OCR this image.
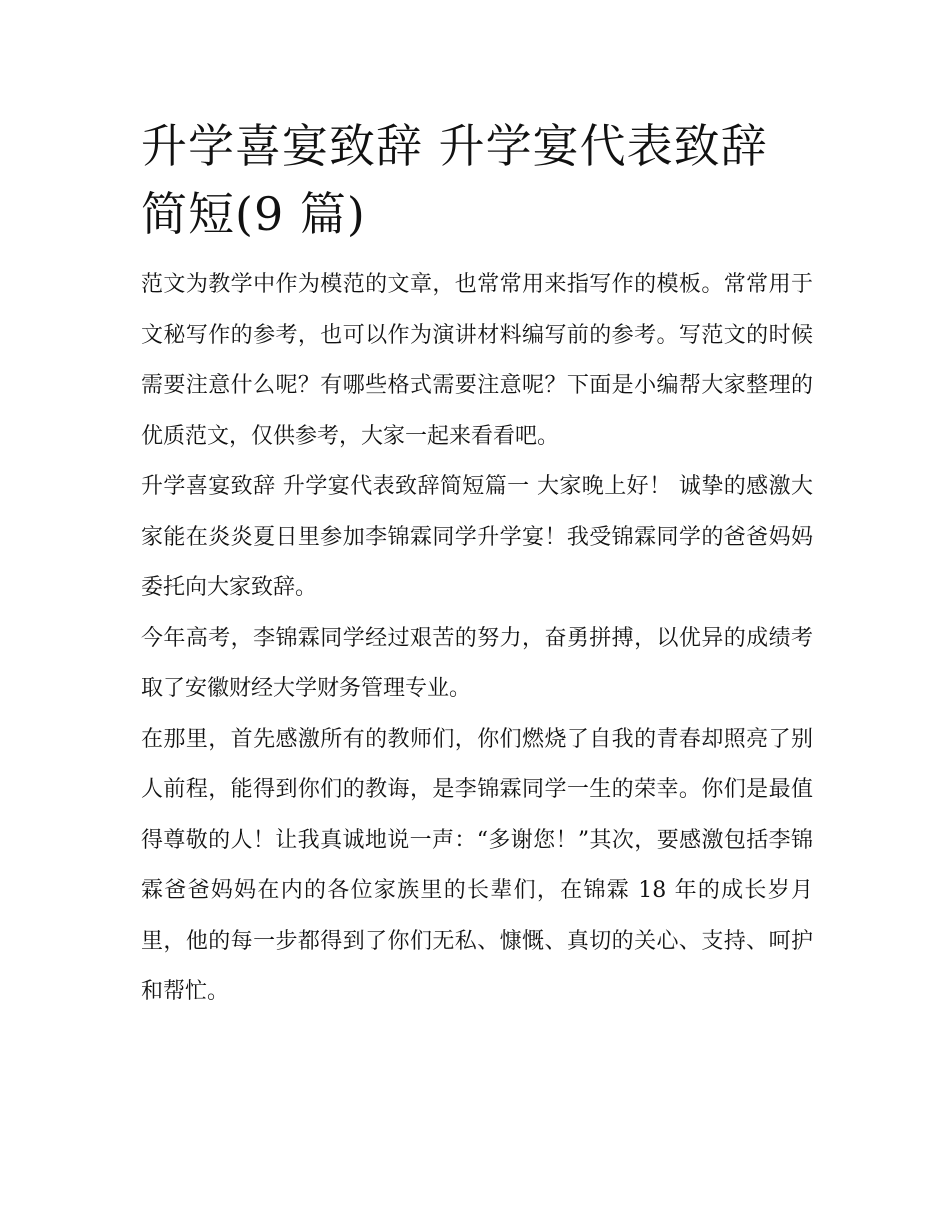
升学喜宴致辞 升学宴代表致辞简短(9 篇)

范文为教学中作为模范的文章，也常常用来指写作的模板。常常用于文秘写作的参考，也可以作为演讲材料编写前的参考。写范文的时候需要注意什么呢？有哪些格式需要注意呢？下面是小编帮大家整理的优质范文，仅供参考，大家一起来看看吧。

升学喜宴致辞 升学宴代表致辞简短篇一 大家晚上好！ 诚挚的感激大家能在炎炎夏日里参加李锦霖同学升学宴！我受锦霖同学的爸爸妈妈委托向大家致辞。

今年高考，李锦霖同学经过艰苦的努力，奋勇拼搏，以优异的成绩考取了安徽财经大学财务管理专业。

在那里，首先感激所有的教师们，你们燃烧了自我的青春却照亮了别人前程，能得到你们的教诲，是李锦霖同学一生的荣幸。你们是最值得尊敬的人！让我真诚地说一声：“多谢您！”其次，要感激包括李锦霖爸爸妈妈在内的各位家族里的长辈们，在锦霖 18 年的成长岁月里，他的每一步都得到了你们无私、慷慨、真切的关心、支持、呵护和帮忙。
